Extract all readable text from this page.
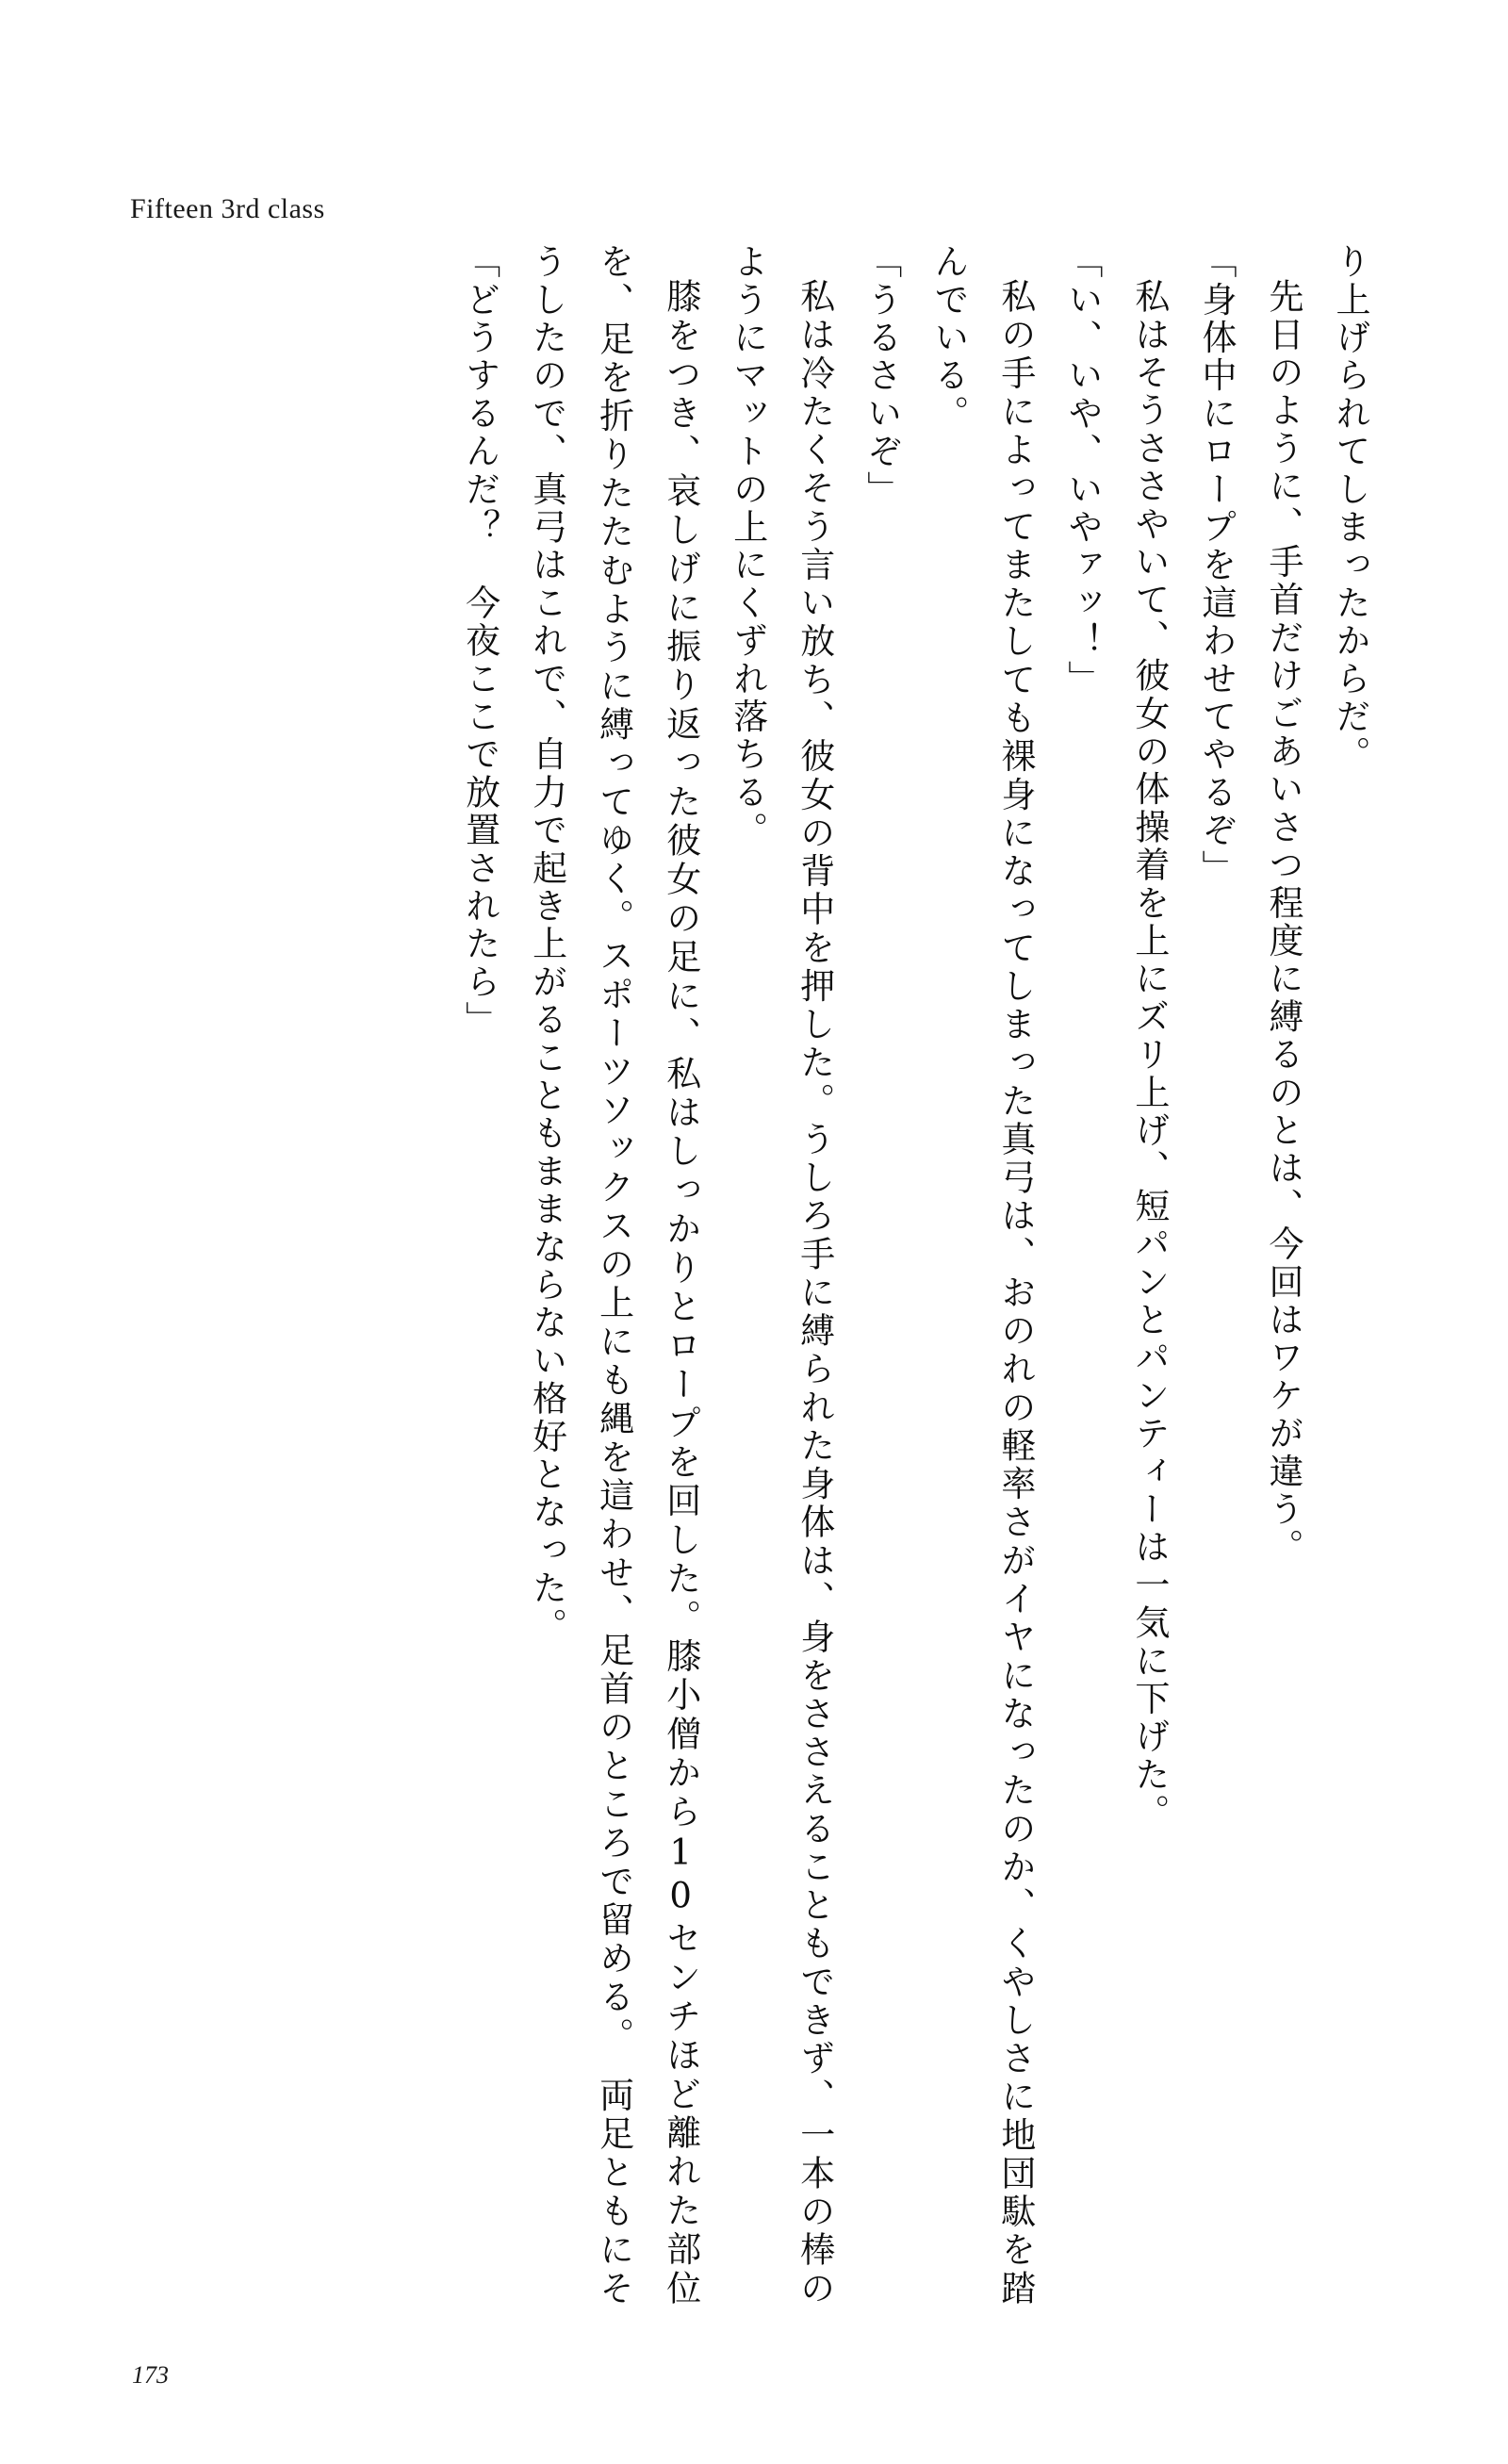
Fifteen 3rd class

り上げられてしまったからだ。

先日のように、手首だけごあいさつ程度に縛るのとは、今回はワケが違う。

「身体中にロープを這わせてやるぞ」

私はそうささやいて、彼女の体操着を上にズリ上げ、短パンとパンティーは一気に下げた。

「い、いや、いやァッ！」

私の手によってまたしても裸身になってしまった真弓は、おのれの軽率さがイヤになったのか、くやしさに地団駄を踏んでいる。

「うるさいぞ」

私は冷たくそう言い放ち、彼女の背中を押した。うしろ手に縛られた身体は、身をささえることもできず、一本の棒のようにマットの上にくずれ落ちる。

膝をつき、哀しげに振り返った彼女の足に、私はしっかりとロープを回した。膝小僧から10センチほど離れた部位を、足を折りたたむように縛ってゆく。スポーツソックスの上にも縄を這わせ、足首のところで留める。　両足ともにそうしたので、真弓はこれで、自力で起き上がることもままならない格好となった。

「どうするんだ？　今夜ここで放置されたら」

173
